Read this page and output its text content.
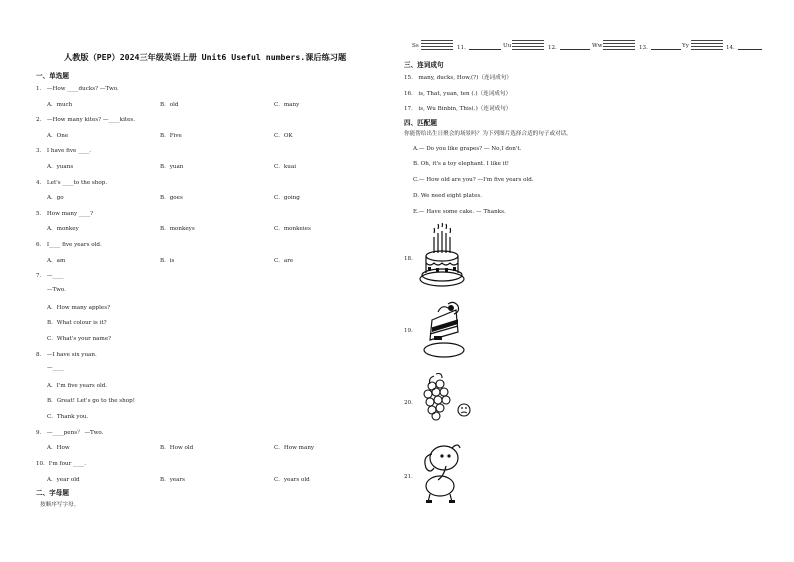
人教版（PEP）2024三年级英语上册 Unit6 Useful numbers.课后练习题
一、单选题
1． —How ____ducks? —Two.
A．much	B．old	C．many
2． —How many kites? —____kites.
A．One	B．Five	C．OK
3． I have five ____.
A．yuans	B．yuan	C．kuai
4． Let's ____to the shop.
A．go	B．goes	C．going
5． How many ____?
A．monkey	B．monkeys	C．monkeies
6． I____ five years old.
A．am	B．is	C．are
7． —____
—Two.
A．How many apples?
B．What colour is it?
C．What's your name?
8． —I have six yuan.
—____
A．I'm five years old.
B．Great! Let's go to the shop!
C．Thank you.
9． —____pens？ —Two.
A．How	B．How old	C．How many
10．I'm four ____.
A．year old	B．years	C．years old
二、字母题
按顺序写字母。
Ss	11．	Uu	12．	Ww	13．	Yy	14．
三、连词成句
15． many, ducks, How,(?)（连词成句）
16． is, That, yuan, ten (.)（连词成句）
17． is, Wu Binbin, This(.)（连词成句）
四、匹配题
你能帮给出生日聚会的场景吗？为下列图片选择合适的句子或对话。
A.— Do you like grapes? — No,I don't.
B. Oh, it's a toy elephant. I like it!
C.— How old are you? —I'm five years old.
D. We need eight plates.
E.— Have some cake. — Thanks.
18．
19．
20．
21．
